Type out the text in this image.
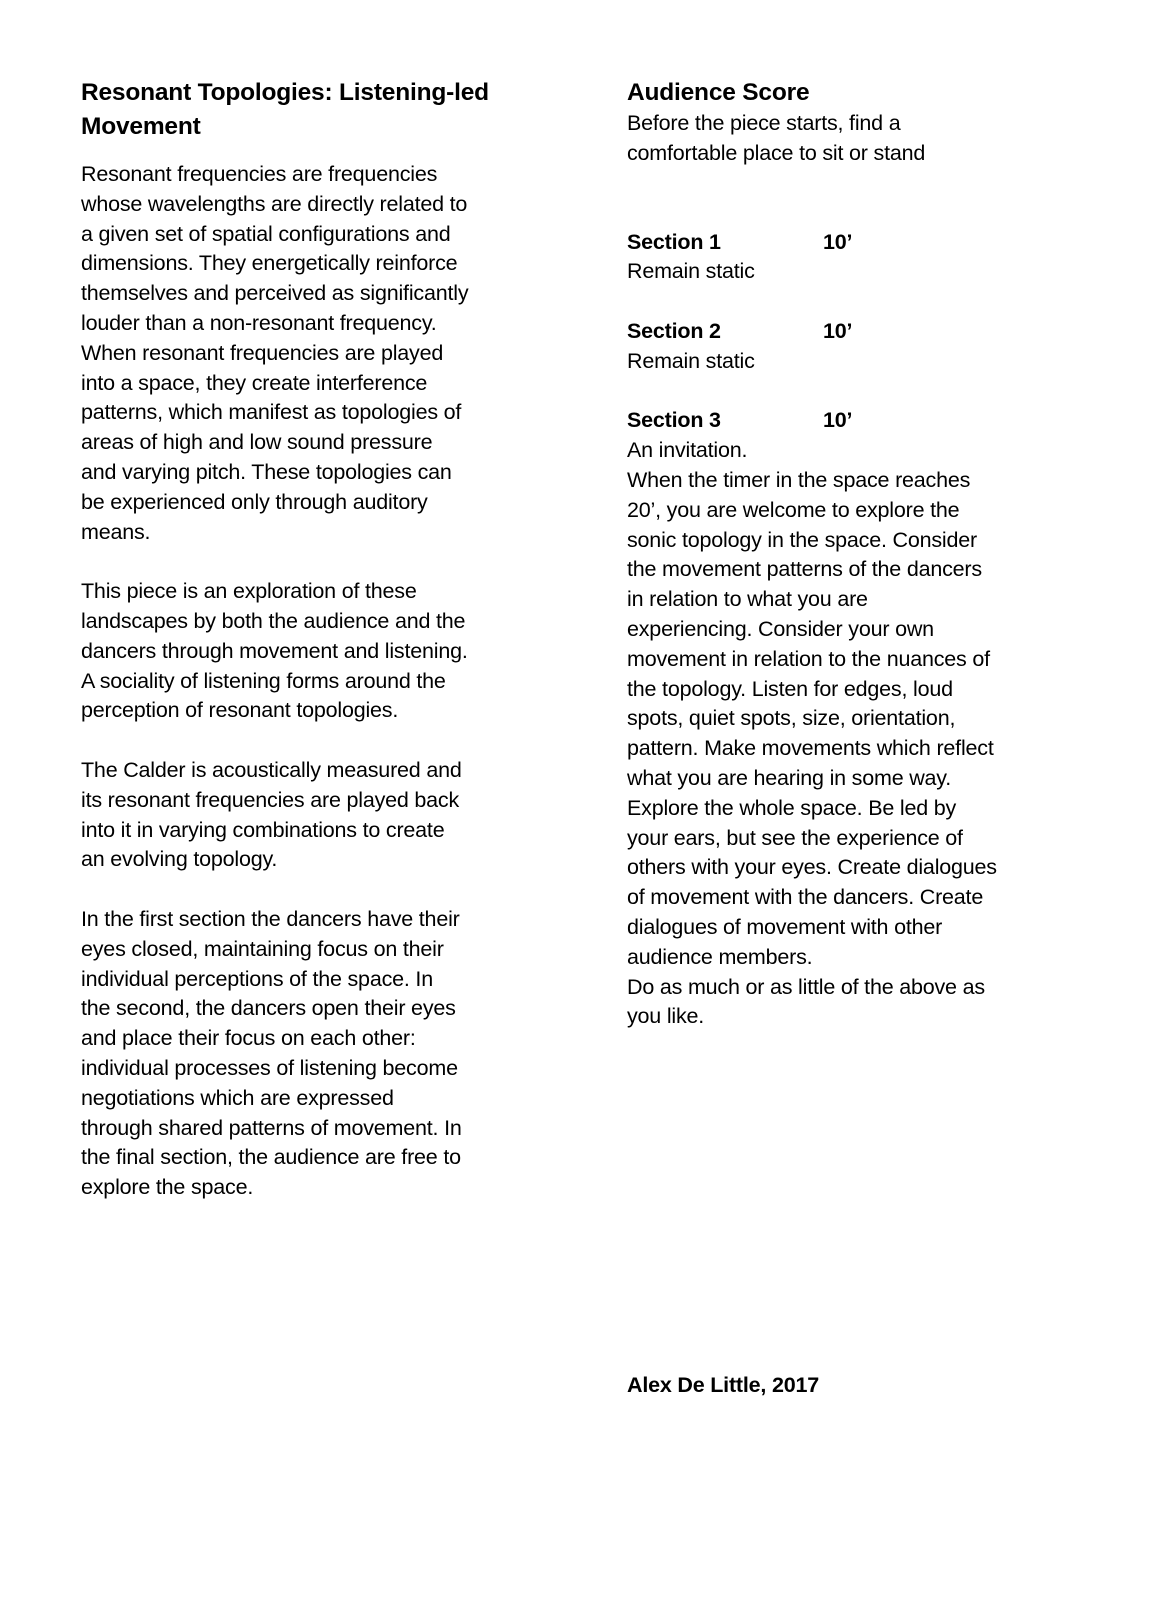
Resonant Topologies: Listening-led
Movement

Resonant frequencies are frequencies
whose wavelengths are directly related to
a given set of spatial configurations and
dimensions. They energetically reinforce
themselves and perceived as significantly
louder than a non-resonant frequency.
When resonant frequencies are played
into a space, they create interference
patterns, which manifest as topologies of
areas of high and low sound pressure
and varying pitch. These topologies can
be experienced only through auditory
means.

This piece is an exploration of these
landscapes by both the audience and the
dancers through movement and listening.
A sociality of listening forms around the
perception of resonant topologies.

The Calder is acoustically measured and
its resonant frequencies are played back
into it in varying combinations to create
an evolving topology.

In the first section the dancers have their
eyes closed, maintaining focus on their
individual perceptions of the space. In
the second, the dancers open their eyes
and place their focus on each other:
individual processes of listening become
negotiations which are expressed
through shared patterns of movement. In
the final section, the audience are free to
explore the space.

Audience Score

Before the piece starts, find a
comfortable place to sit or stand

Section 1	10’
Remain static
Section 2	10’
Remain static
Section 3	10’
An invitation.
When the timer in the space reaches
20’, you are welcome to explore the
sonic topology in the space. Consider
the movement patterns of the dancers
in relation to what you are
experiencing. Consider your own
movement in relation to the nuances of
the topology. Listen for edges, loud
spots, quiet spots, size, orientation,
pattern. Make movements which reflect
what you are hearing in some way.
Explore the whole space. Be led by
your ears, but see the experience of
others with your eyes. Create dialogues
of movement with the dancers. Create
dialogues of movement with other
audience members.
Do as much or as little of the above as
you like.
Alex De Little, 2017
